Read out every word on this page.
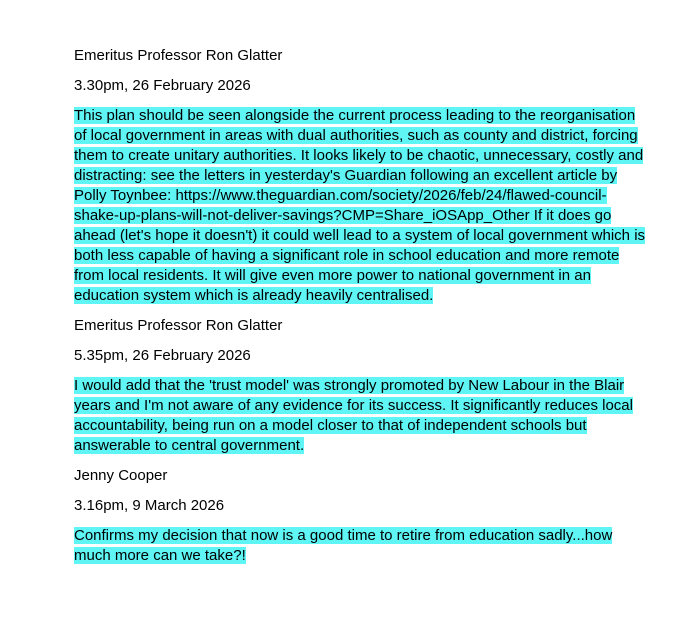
Emeritus Professor Ron Glatter
3.30pm, 26 February 2026
This plan should be seen alongside the current process leading to the reorganisation of local government in areas with dual authorities, such as county and district, forcing them to create unitary authorities. It looks likely to be chaotic, unnecessary, costly and distracting: see the letters in yesterday's Guardian following an excellent article by Polly Toynbee: https://www.theguardian.com/society/2026/feb/24/flawed-council-shake-up-plans-will-not-deliver-savings?CMP=Share_iOSApp_Other If it does go ahead (let's hope it doesn't) it could well lead to a system of local government which is both less capable of having a significant role in school education and more remote from local residents. It will give even more power to national government in an education system which is already heavily centralised.
Emeritus Professor Ron Glatter
5.35pm, 26 February 2026
I would add that the 'trust model' was strongly promoted by New Labour in the Blair years and I'm not aware of any evidence for its success. It significantly reduces local accountability, being run on a model closer to that of independent schools but answerable to central government.
Jenny Cooper
3.16pm, 9 March 2026
Confirms my decision that now is a good time to retire from education sadly...how much more can we take?!
